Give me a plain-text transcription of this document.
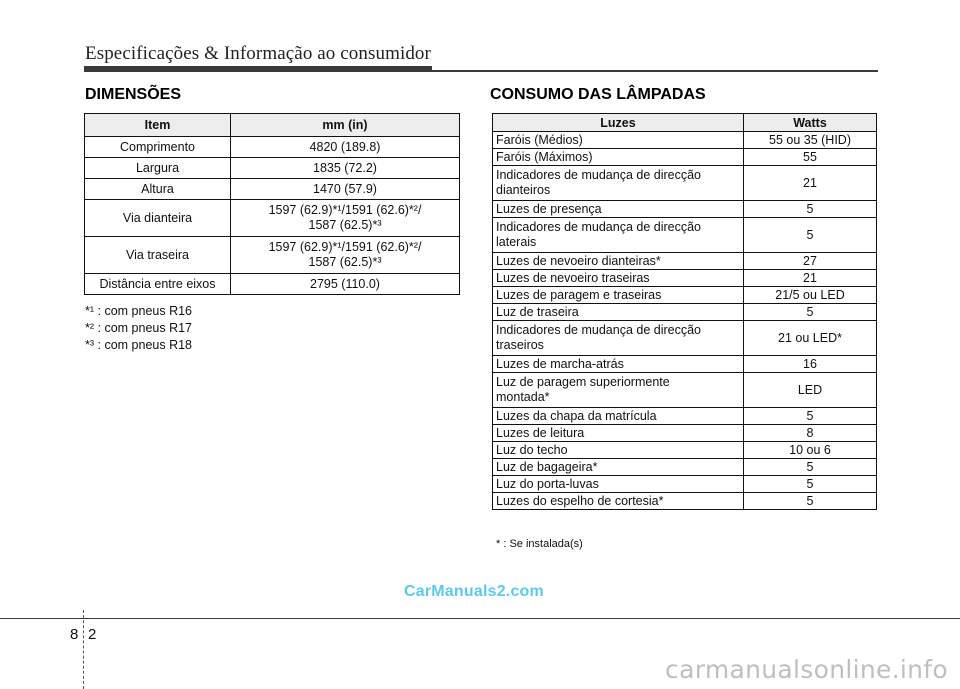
Especificações & Informação ao consumidor
DIMENSÕES
Item	mm (in)
Comprimento	4820 (189.8)
Largura	1835 (72.2)
Altura	1470 (57.9)
Via dianteira	1597 (62.9)*¹/1591 (62.6)*²/
1587 (62.5)*³

Via traseira	1597 (62.9)*¹/1591 (62.6)*²/
1587 (62.5)*³

Distância entre eixos	2795 (110.0)
*¹ : com pneus R16
*² : com pneus R17
*³ : com pneus R18
CONSUMO DAS LÂMPADAS
Luzes	Watts

Faróis (Médios)	55 ou 35 (HID)

Faróis (Máximos)	55

Indicadores de mudança de direcção
dianteiros	21

Luzes de presença	5

Indicadores de mudança de direcção
laterais	5

Luzes de nevoeiro dianteiras*	27

Luzes de nevoeiro traseiras	21

Luzes de paragem e traseiras	21/5 ou LED

Luz de traseira	5

Indicadores de mudança de direcção
traseiros	21 ou LED*

Luzes de marcha-atrás	16

Luz de paragem superiormente
montada*	LED

Luzes da chapa da matrícula	5

Luzes de leitura	8

Luz do techo	10 ou 6

Luz de bagageira*	5

Luz do porta-luvas	5

Luzes do espelho de cortesia*	5
* : Se instalada(s)
CarManuals2.com
8 2
carmanualsonline.info
